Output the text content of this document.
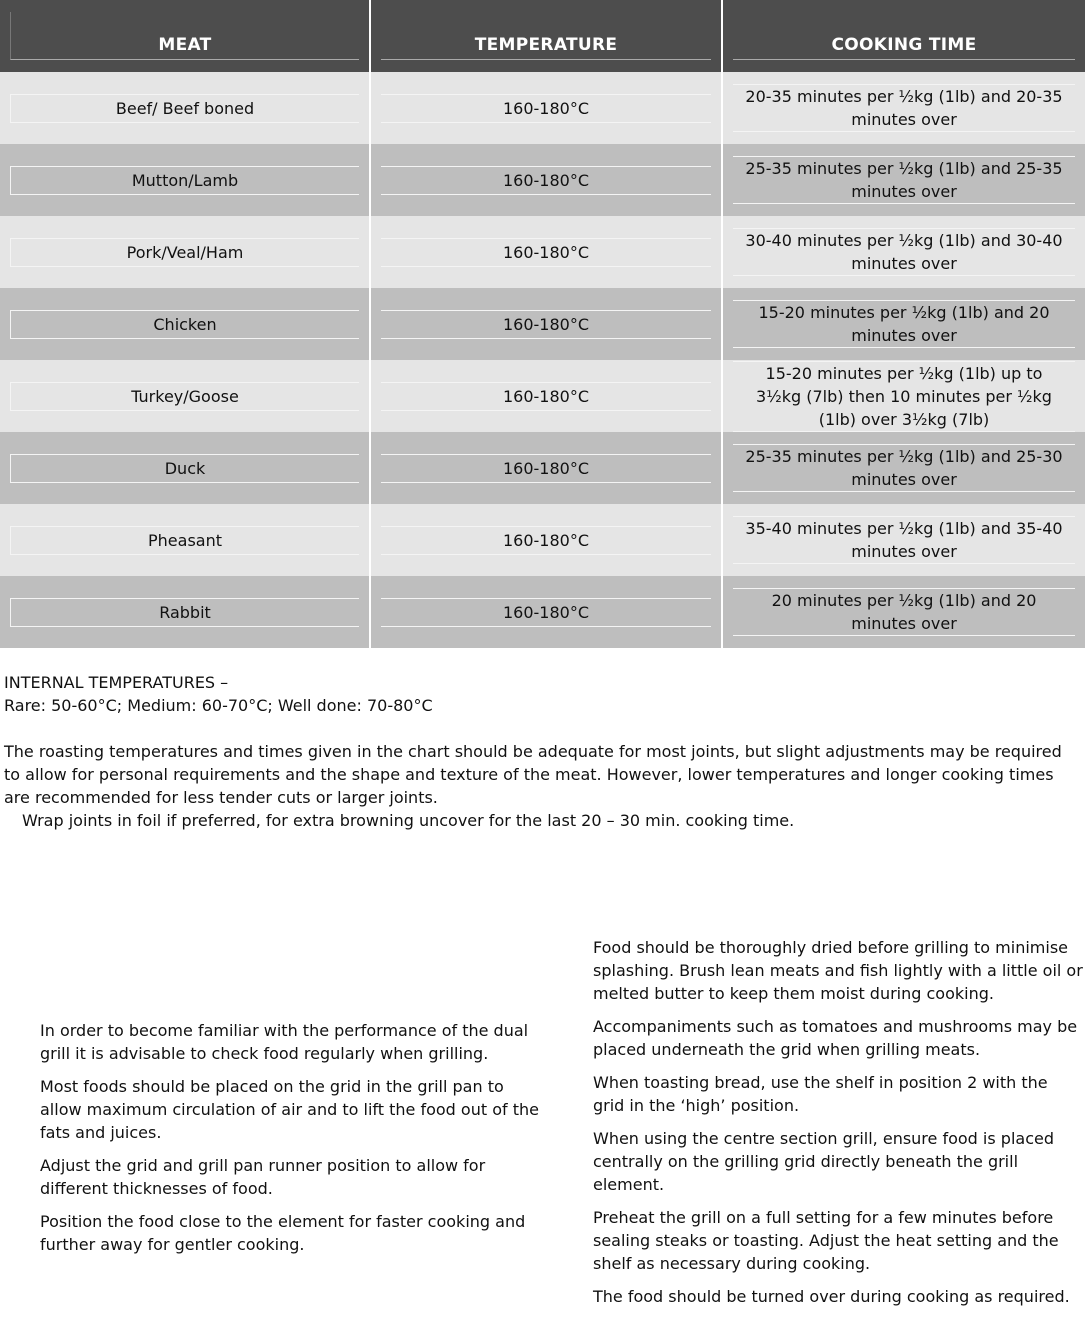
MEAT	TEMPERATURE	COOKING TIME

Beef/ Beef boned	160-180°C	20-35 minutes per ½kg (1lb) and 20-35 minutes over

Mutton/Lamb	160-180°C	25-35 minutes per ½kg (1lb) and 25-35 minutes over

Pork/Veal/Ham	160-180°C	30-40 minutes per ½kg (1lb) and 30-40 minutes over

Chicken	160-180°C	15-20 minutes per ½kg (1lb) and 20 minutes over

Turkey/Goose	160-180°C	15-20 minutes per ½kg (1lb) up to 3½kg (7lb) then 10 minutes per ½kg (1lb) over 3½kg (7lb)

Duck	160-180°C	25-35 minutes per ½kg (1lb) and 25-30 minutes over

Pheasant	160-180°C	35-40 minutes per ½kg (1lb) and 35-40 minutes over

Rabbit	160-180°C	20 minutes per ½kg (1lb) and 20 minutes over

INTERNAL TEMPERATURES –

Rare: 50-60°C; Medium: 60-70°C; Well done: 70-80°C

The roasting temperatures and times given in the chart should be adequate for most joints, but slight adjustments may be required to allow for personal requirements and the shape and texture of the meat. However, lower temperatures and longer cooking times are recommended for less tender cuts or larger joints.

Wrap joints in foil if preferred, for extra browning uncover for the last 20 – 30 min. cooking time.

In order to become familiar with the performance of the dual grill it is advisable to check food regularly when grilling.

Most foods should be placed on the grid in the grill pan to allow maximum circulation of air and to lift the food out of the fats and juices.

Adjust the grid and grill pan runner position to allow for different thicknesses of food.

Position the food close to the element for faster cooking and further away for gentler cooking.

Food should be thoroughly dried before grilling to minimise splashing. Brush lean meats and fish lightly with a little oil or melted butter to keep them moist during cooking.

Accompaniments such as tomatoes and mushrooms may be placed underneath the grid when grilling meats.

When toasting bread, use the shelf in position 2 with the grid in the ‘high’ position.

When using the centre section grill, ensure food is placed centrally on the grilling grid directly beneath the grill element.

Preheat the grill on a full setting for a few minutes before sealing steaks or toasting. Adjust the heat setting and the shelf as necessary during cooking.

The food should be turned over during cooking as required.
